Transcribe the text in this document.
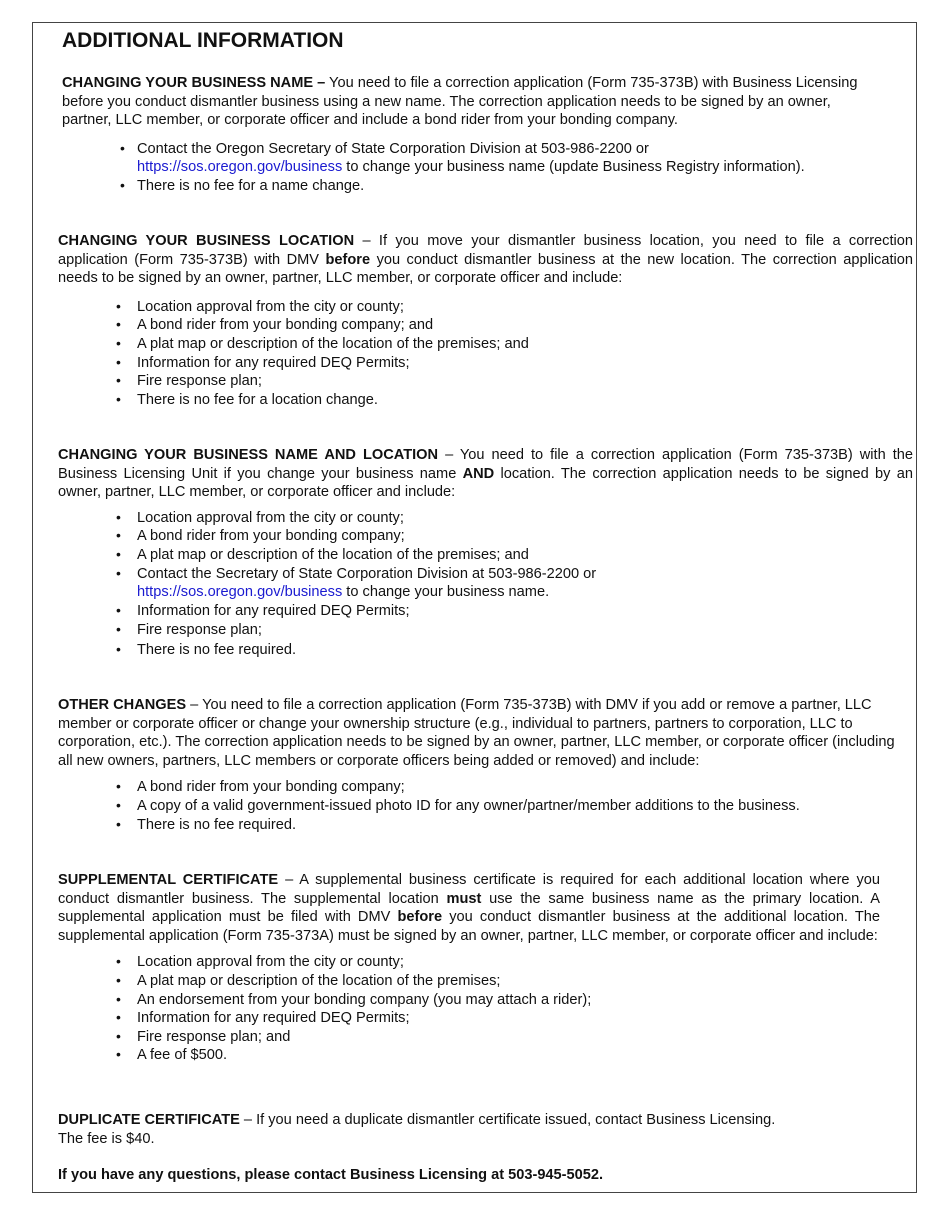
ADDITIONAL INFORMATION

CHANGING YOUR BUSINESS NAME – You need to file a correction application (Form 735-373B) with Business Licensing before you conduct dismantler business using a new name. The correction application needs to be signed by an owner, partner, LLC member, or corporate officer and include a bond rider from your bonding company.

• Contact the Oregon Secretary of State Corporation Division at 503-986-2200 or
https://sos.oregon.gov/business to change your business name (update Business Registry information).
• There is no fee for a name change.

CHANGING YOUR BUSINESS LOCATION – If you move your dismantler business location, you need to file a correction application (Form 735-373B) with DMV before you conduct dismantler business at the new location. The correction application needs to be signed by an owner, partner, LLC member, or corporate officer and include:

• Location approval from the city or county;
• A bond rider from your bonding company; and
• A plat map or description of the location of the premises; and
• Information for any required DEQ Permits;
• Fire response plan;
• There is no fee for a location change.

CHANGING YOUR BUSINESS NAME AND LOCATION – You need to file a correction application (Form 735-373B) with the Business Licensing Unit if you change your business name AND location. The correction application needs to be signed by an owner, partner, LLC member, or corporate officer and include:

• Location approval from the city or county;
• A bond rider from your bonding company;
• A plat map or description of the location of the premises; and
• Contact the Secretary of State Corporation Division at 503-986-2200 or
https://sos.oregon.gov/business to change your business name.
• Information for any required DEQ Permits;
• Fire response plan;
• There is no fee required.

OTHER CHANGES – You need to file a correction application (Form 735-373B) with DMV if you add or remove a partner, LLC member or corporate officer or change your ownership structure (e.g., individual to partners, partners to corporation, LLC to corporation, etc.). The correction application needs to be signed by an owner, partner, LLC member, or corporate officer (including all new owners, partners, LLC members or corporate officers being added or removed) and include:

• A bond rider from your bonding company;
• A copy of a valid government-issued photo ID for any owner/partner/member additions to the business.
• There is no fee required.

SUPPLEMENTAL CERTIFICATE – A supplemental business certificate is required for each additional location where you conduct dismantler business. The supplemental location must use the same business name as the primary location. A supplemental application must be filed with DMV before you conduct dismantler business at the additional location. The supplemental application (Form 735-373A) must be signed by an owner, partner, LLC member, or corporate officer and include:

• Location approval from the city or county;
• A plat map or description of the location of the premises;
• An endorsement from your bonding company (you may attach a rider);
• Information for any required DEQ Permits;
• Fire response plan; and
• A fee of $500.

DUPLICATE CERTIFICATE – If you need a duplicate dismantler certificate issued, contact Business Licensing.
The fee is $40.

If you have any questions, please contact Business Licensing at 503-945-5052.
